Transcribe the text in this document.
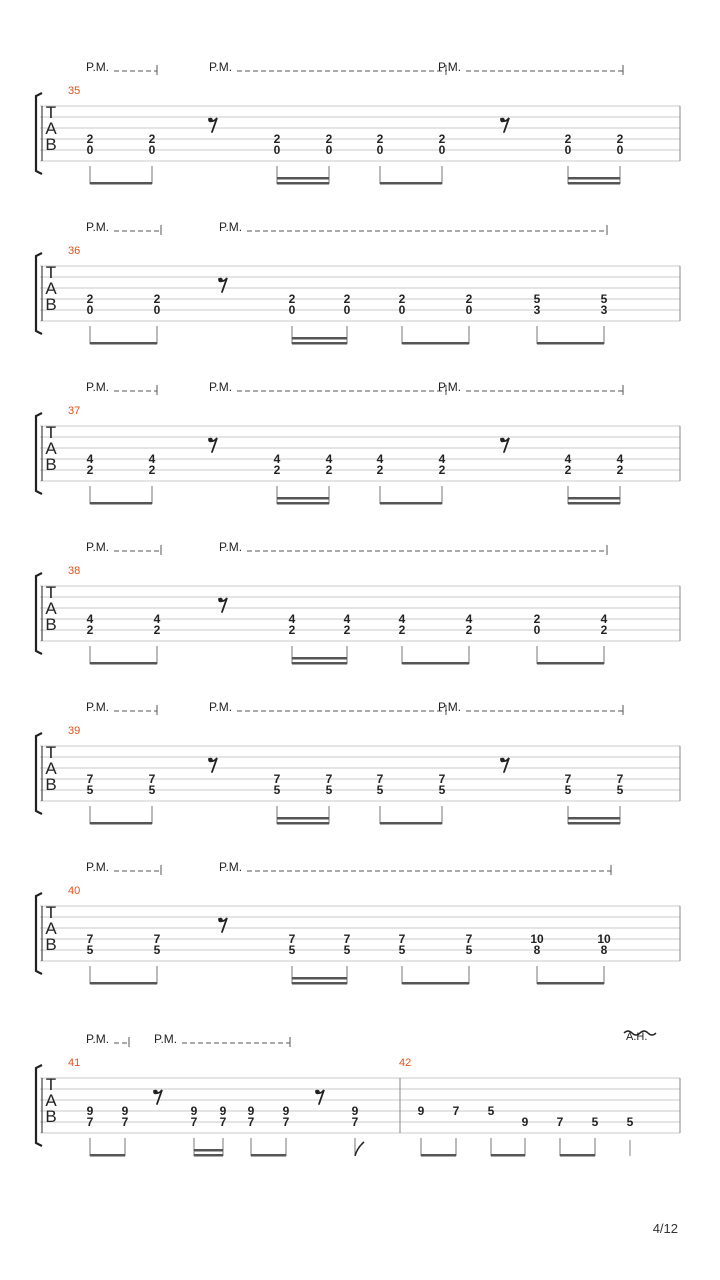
T
A
B
35
P.M.	P.M.	P.M.
2
0
2
0
2
0
2
0
2
0
2
0
2
0
2
0
T
A
B
36
P.M.	P.M.
2
0
2
0
2
0
2
0
2
0
2
0
5
3
5
3
T
A
B
37
P.M.	P.M.	P.M.
4
2
4
2
4
2
4
2
4
2
4
2
4
2
4
2
T
A
B
38
P.M.	P.M.
4
2
4
2
4
2
4
2
4
2
4
2
2
0
4
2
T
A
B
39
P.M.	P.M.	P.M.
7
5
7
5
7
5
7
5
7
5
7
5
7
5
7
5
T
A
B
40
P.M.	P.M.
7
5
7
5
7
5
7
5
7
5
7
5
10
8
10
8
T
A
B
41
P.M.	P.M.
9
7
9
7
9
7
9
7
9
7
9
7
9
7
42
A.H.
9 7 5
9 7 5 5
4/12
